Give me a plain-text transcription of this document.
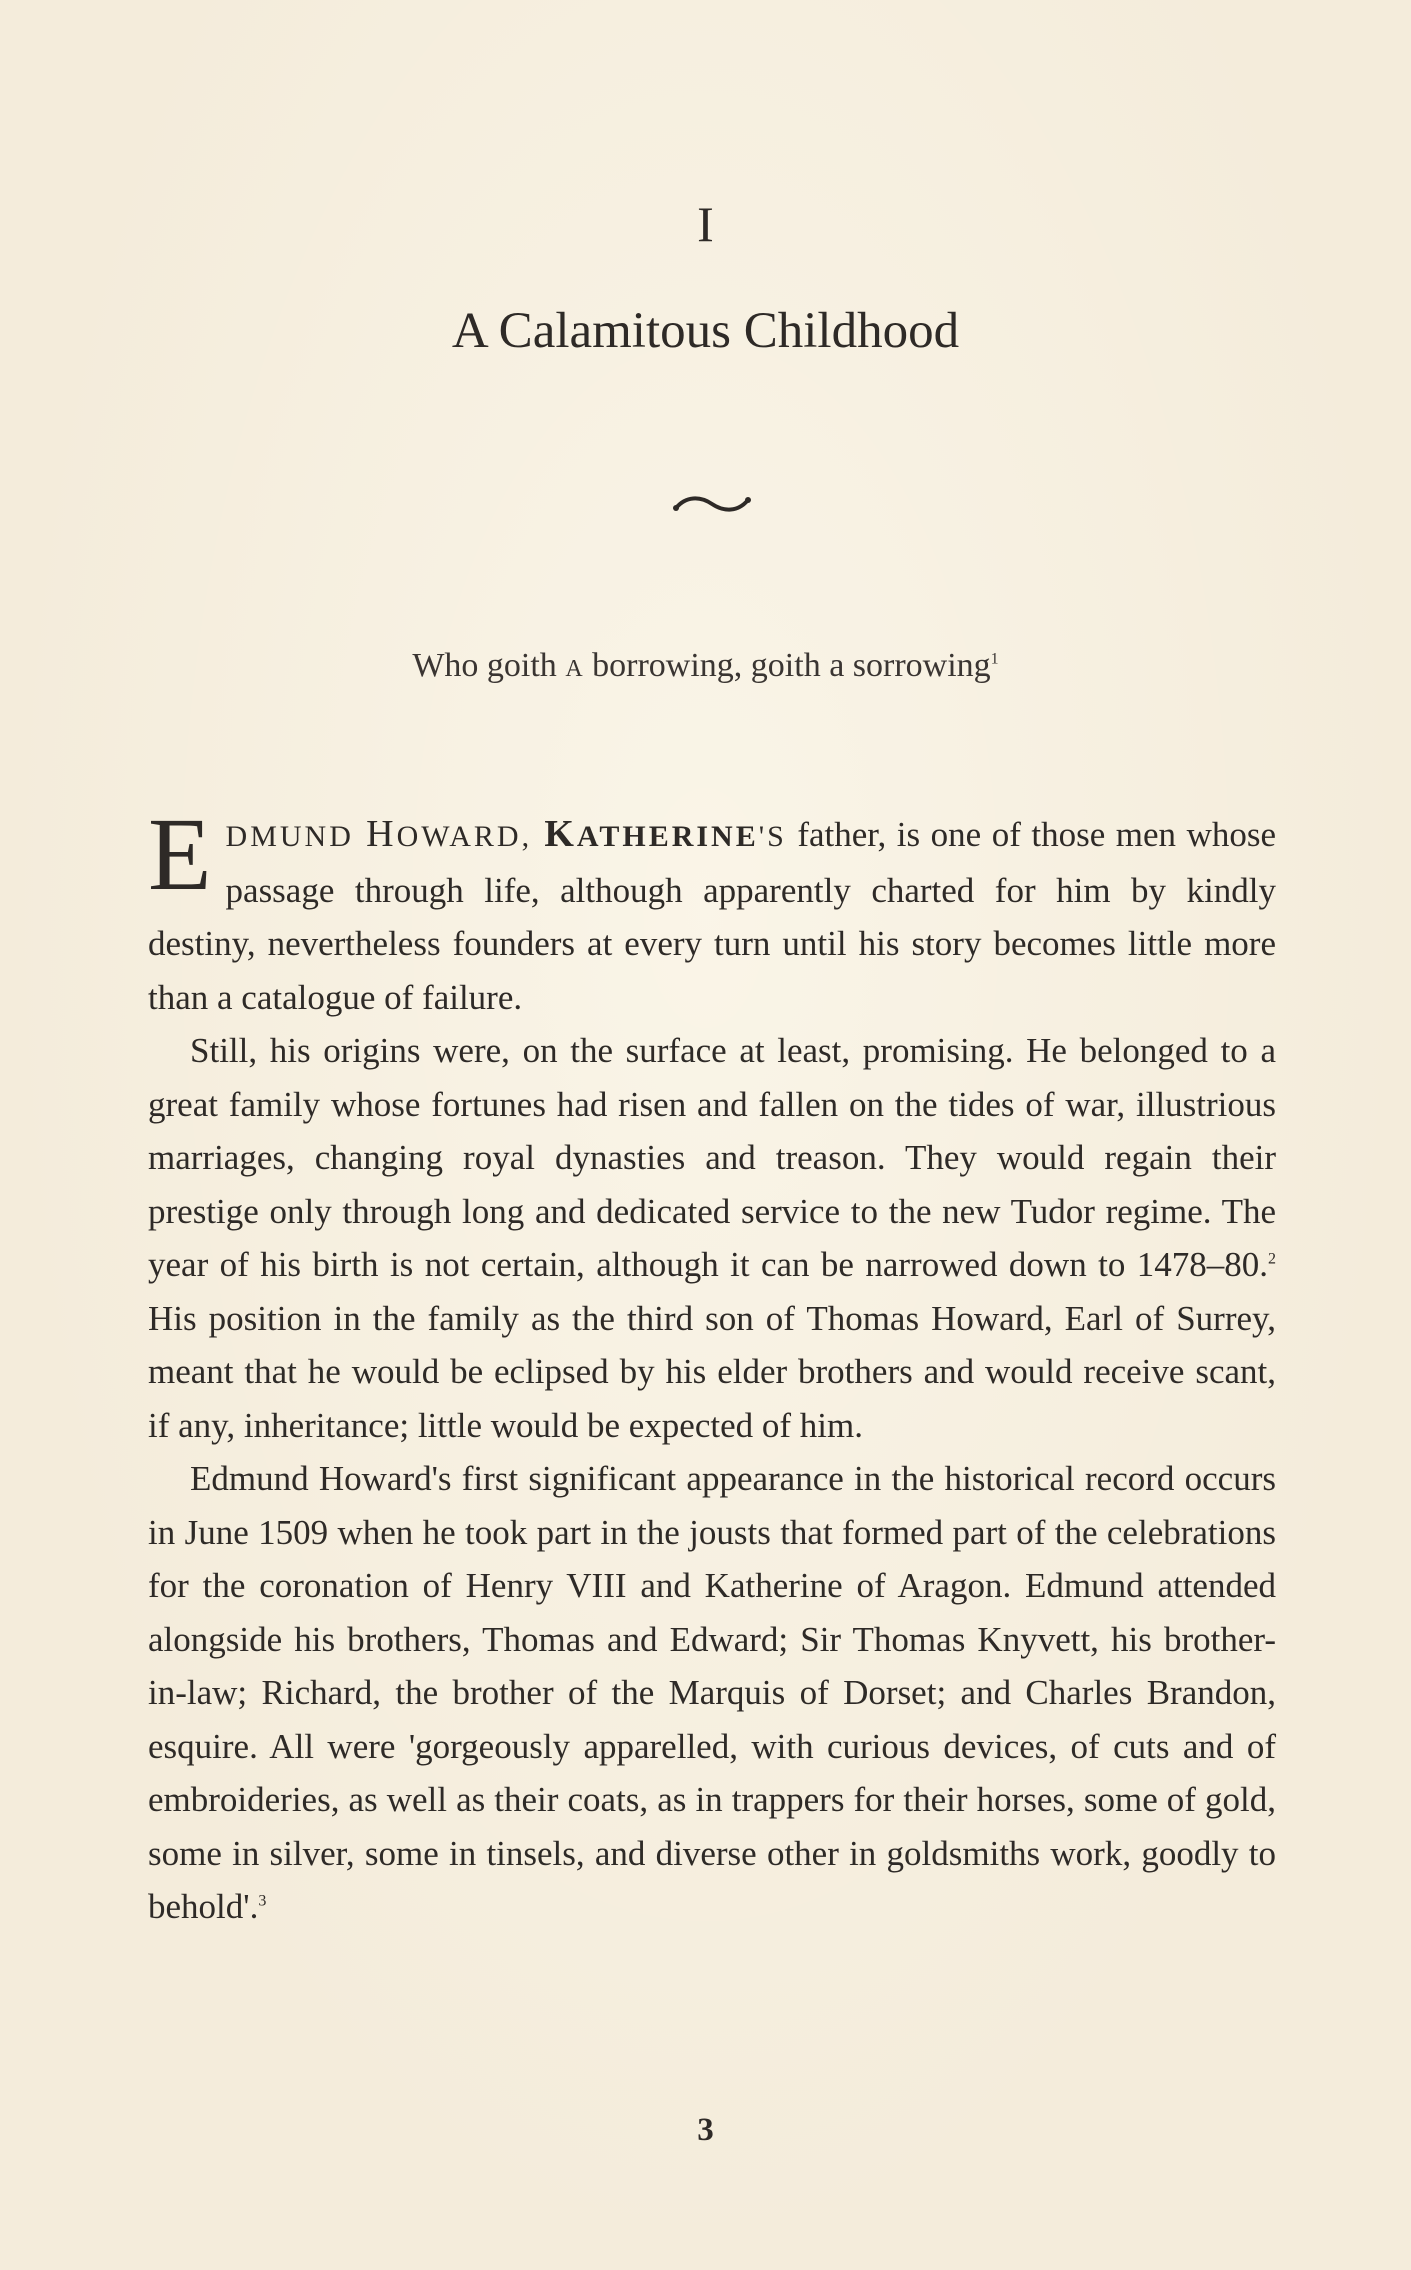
I
A Calamitous Childhood
Who goith A borrowing, goith a sorrowing$^1$

EDMUND HOWARD, KATHERINE'S father, is one of those men whose passage through life, although apparently charted for him by kindly destiny, nevertheless founders at every turn until his story becomes little more than a catalogue of failure.

Still, his origins were, on the surface at least, promising. He belonged to a great family whose fortunes had risen and fallen on the tides of war, illustrious marriages, changing royal dynasties and treason. They would regain their prestige only through long and dedicated service to the new Tudor regime. The year of his birth is not certain, although it can be narrowed down to 1478–80.$^2$ His position in the family as the third son of Thomas Howard, Earl of Surrey, meant that he would be eclipsed by his elder brothers and would receive scant, if any, inheritance; little would be expected of him.

Edmund Howard's first significant appearance in the historical record occurs in June 1509 when he took part in the jousts that formed part of the celebrations for the coronation of Henry VIII and Katherine of Aragon. Edmund attended alongside his brothers, Thomas and Edward; Sir Thomas Knyvett, his brother-in-law; Richard, the brother of the Marquis of Dorset; and Charles Brandon, esquire. All were 'gorgeously apparelled, with curious devices, of cuts and of embroideries, as well as their coats, as in trappers for their horses, some of gold, some in silver, some in tinsels, and diverse other in goldsmiths work, goodly to behold'.$^3$

3
